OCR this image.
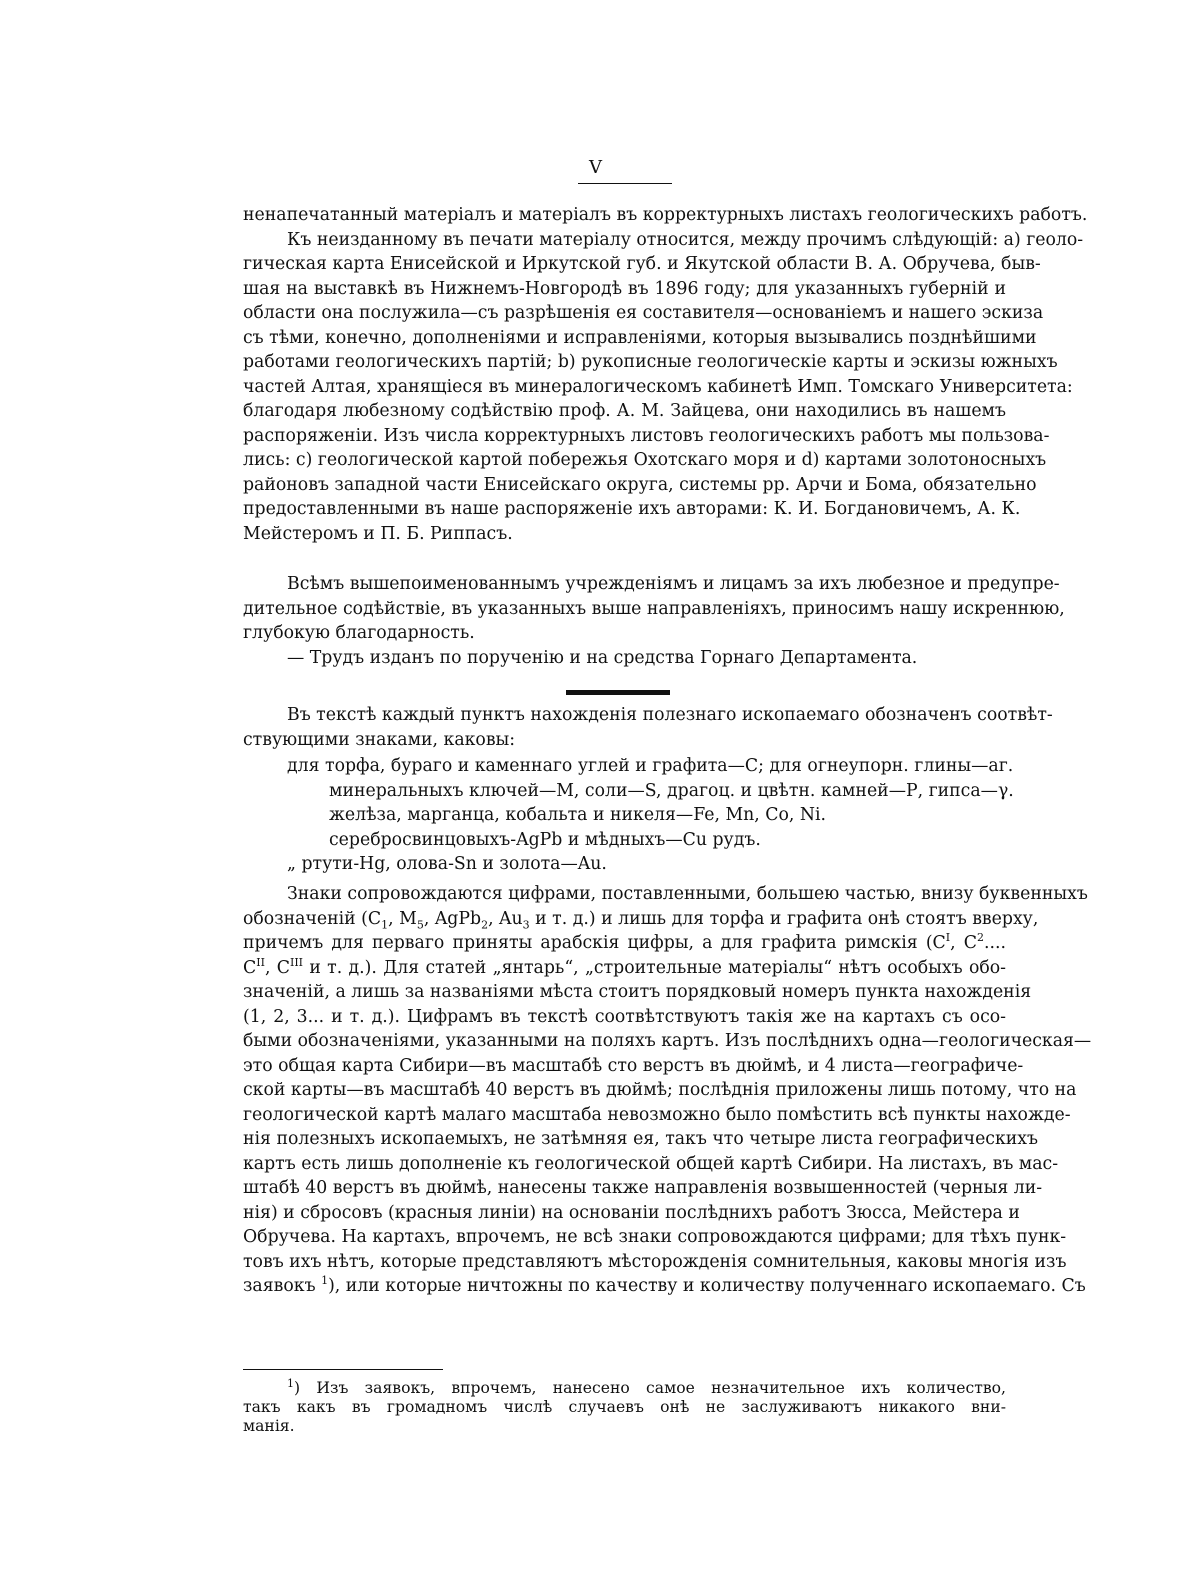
V
ненапечатанный матеріалъ и матеріалъ въ корректурныхъ листахъ геологическихъ работъ.
Къ неизданному въ печати матеріалу относится, между прочимъ слѣдующій: а) геоло-
гическая карта Енисейской и Иркутской губ. и Якутской области В. А. Обручева, быв-
шая на выставкѣ въ Нижнемъ-Новгородѣ въ 1896 году; для указанныхъ губерній и
области она послужила—съ разрѣшенія ея составителя—основаніемъ и нашего эскиза
съ тѣми, конечно, дополненіями и исправленіями, которыя вызывались позднѣйшими
работами геологическихъ партій; b) рукописные геологическіе карты и эскизы южныхъ
частей Алтая, хранящіеся въ минералогическомъ кабинетѣ Имп. Томскаго Университета:
благодаря любезному содѣйствію проф. А. М. Зайцева, они находились въ нашемъ
распоряженіи. Изъ числа корректурныхъ листовъ геологическихъ работъ мы пользова-
лись: с) геологической картой побережья Охотскаго моря и d) картами золотоносныхъ
районовъ западной части Енисейскаго округа, системы рр. Арчи и Бома, обязательно
предоставленными въ наше распоряженіе ихъ авторами: К. И. Богдановичемъ, А. К.
Мейстеромъ и П. Б. Риппасъ.
Всѣмъ вышепоименованнымъ учрежденіямъ и лицамъ за ихъ любезное и предупре-
дительное содѣйствіе, въ указанныхъ выше направленіяхъ, приносимъ нашу искреннюю,
глубокую благодарность.
— Трудъ изданъ по порученію и на средства Горнаго Департамента.
Въ текстѣ каждый пунктъ нахожденія полезнаго ископаемаго обозначенъ соотвѣт-
ствующими знаками, каковы:
для торфа, бураго и каменнаго углей и графита—С; для огнеупорн. глины—аг.
минеральныхъ ключей—М, соли—S, драгоц. и цвѣтн. камней—Р, гипса—γ.
желѣза, марганца, кобальта и никеля—Fe, Mn, Co, Ni.
серебросвинцовыхъ-AgPb и мѣдныхъ—Cu рудъ.
„ ртути-Hg, олова-Sn и золота—Au.
Знаки сопровождаются цифрами, поставленными, большею частью, внизу буквенныхъ
обозначеній ($C_1$, $M_5$, AgPb$_2$, $Au_3$ и т. д.) и лишь для торфа и графита онѣ стоятъ вверху,
причемъ для перваго приняты арабскія цифры, а для графита римскія ($C^I$, $C^2$....
$C^{II}$, $C^{III}$ и т. д.). Для статей „янтарь“, „строительные матеріалы“ нѣтъ особыхъ обо-
значеній, а лишь за названіями мѣста стоитъ порядковый номеръ пункта нахожденія
(1, 2, 3... и т. д.). Цифрамъ въ текстѣ соотвѣтствуютъ такія же на картахъ съ осо-
быми обозначеніями, указанными на поляхъ картъ. Изъ послѣднихъ одна—геологическая—
это общая карта Сибири—въ масштабѣ сто верстъ въ дюймѣ, и 4 листа—географиче-
ской карты—въ масштабѣ 40 верстъ въ дюймѣ; послѣднія приложены лишь потому, что на
геологической картѣ малаго масштаба невозможно было помѣстить всѣ пункты нахожде-
нія полезныхъ ископаемыхъ, не затѣмняя ея, такъ что четыре листа географическихъ
картъ есть лишь дополненіе къ геологической общей картѣ Сибири. На листахъ, въ мас-
штабѣ 40 верстъ въ дюймѣ, нанесены также направленія возвышенностей (черныя ли-
нія) и сбросовъ (красныя линіи) на основаніи послѣднихъ работъ Зюсса, Мейстера и
Обручева. На картахъ, впрочемъ, не всѣ знаки сопровождаются цифрами; для тѣхъ пунк-
товъ ихъ нѣтъ, которые представляютъ мѣсторожденія сомнительныя, каковы многія изъ
заявокъ $^1$), или которые ничтожны по качеству и количеству полученнаго ископаемаго. Съ
$^1$) Изъ заявокъ, впрочемъ, нанесено самое незначительное ихъ количество,
такъ какъ въ громадномъ числѣ случаевъ онѣ не заслуживаютъ никакого вни-
манія.
